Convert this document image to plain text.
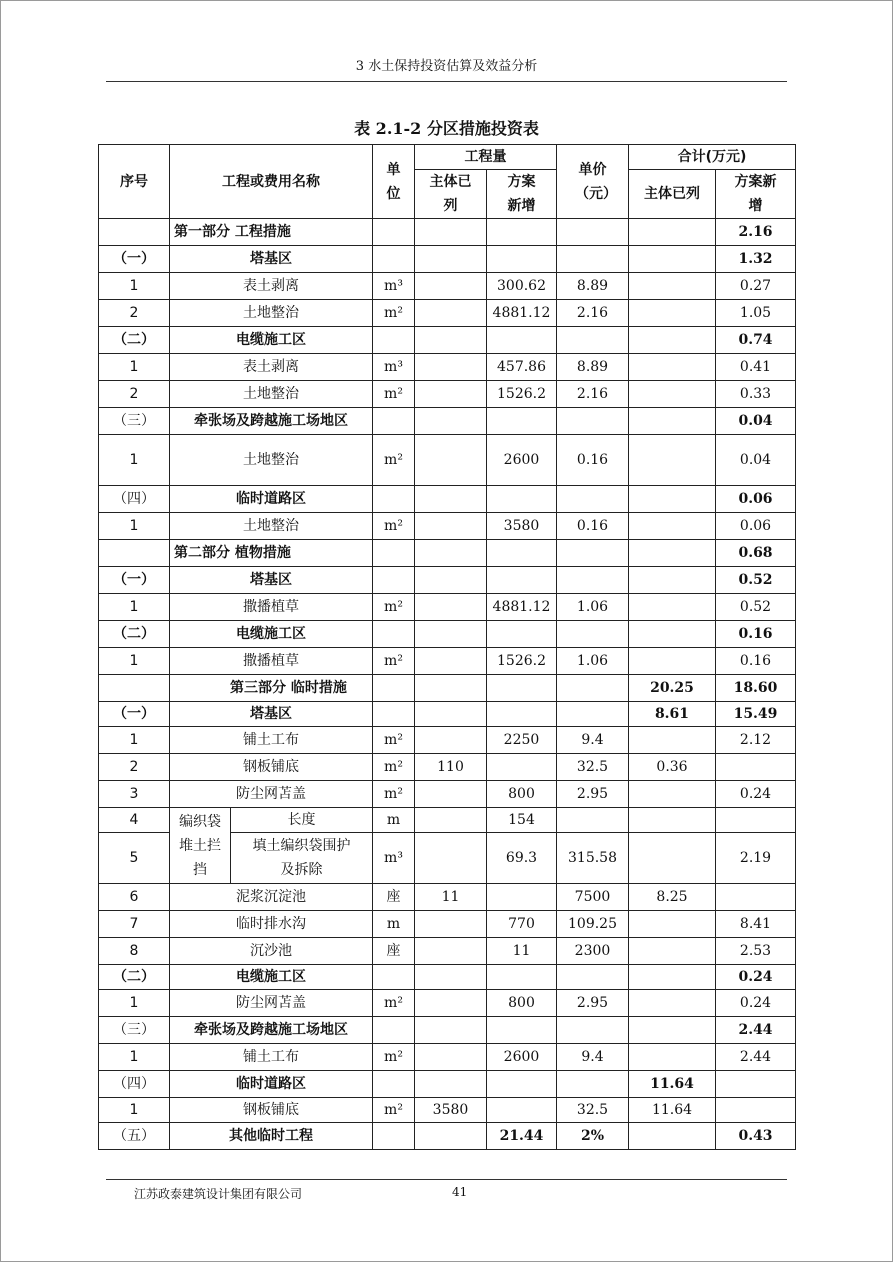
3 水土保持投资估算及效益分析
表 2.1-2 分区措施投资表
序号	工程或费用名称		单位	工程量		单价（元）	合计(万元)	
				主体已列	方案新增		主体已列	方案新增
	第一部分 工程措施							2.16
（一）	塔基区							1.32
1	表土剥离		m³		300.62	8.89		0.27
2	土地整治		m²		4881.12	2.16		1.05
（二）	电缆施工区							0.74
1	表土剥离		m³		457.86	8.89		0.41
2	土地整治		m²		1526.2	2.16		0.33
（三）	牵张场及跨越施工场地区							0.04
1	土地整治		m²		2600	0.16		0.04
（四）	临时道路区							0.06
1	土地整治		m²		3580	0.16		0.06
	第二部分 植物措施							0.68
（一）	塔基区							0.52
1	撒播植草		m²		4881.12	1.06		0.52
（二）	电缆施工区							0.16
1	撒播植草		m²		1526.2	1.06		0.16
	第三部分 临时措施						20.25	18.60
（一）	塔基区						8.61	15.49
1	铺土工布		m²		2250	9.4		2.12
2	钢板铺底		m²	110		32.5	0.36	
3	防尘网苫盖		m²		800	2.95		0.24
4	编织袋堆土拦挡	长度	m		154			
5		填土编织袋围护及拆除	m³		69.3	315.58		2.19
6	泥浆沉淀池		座	11		7500	8.25	
7	临时排水沟		m		770	109.25		8.41
8	沉沙池		座		11	2300		2.53
（二）	电缆施工区							0.24
1	防尘网苫盖		m²		800	2.95		0.24
（三）	牵张场及跨越施工场地区							2.44
1	铺土工布		m²		2600	9.4		2.44
（四）	临时道路区						11.64	
1	钢板铺底		m²	3580		32.5	11.64	
（五）	其他临时工程				21.44	2%		0.43
江苏政泰建筑设计集团有限公司	41
